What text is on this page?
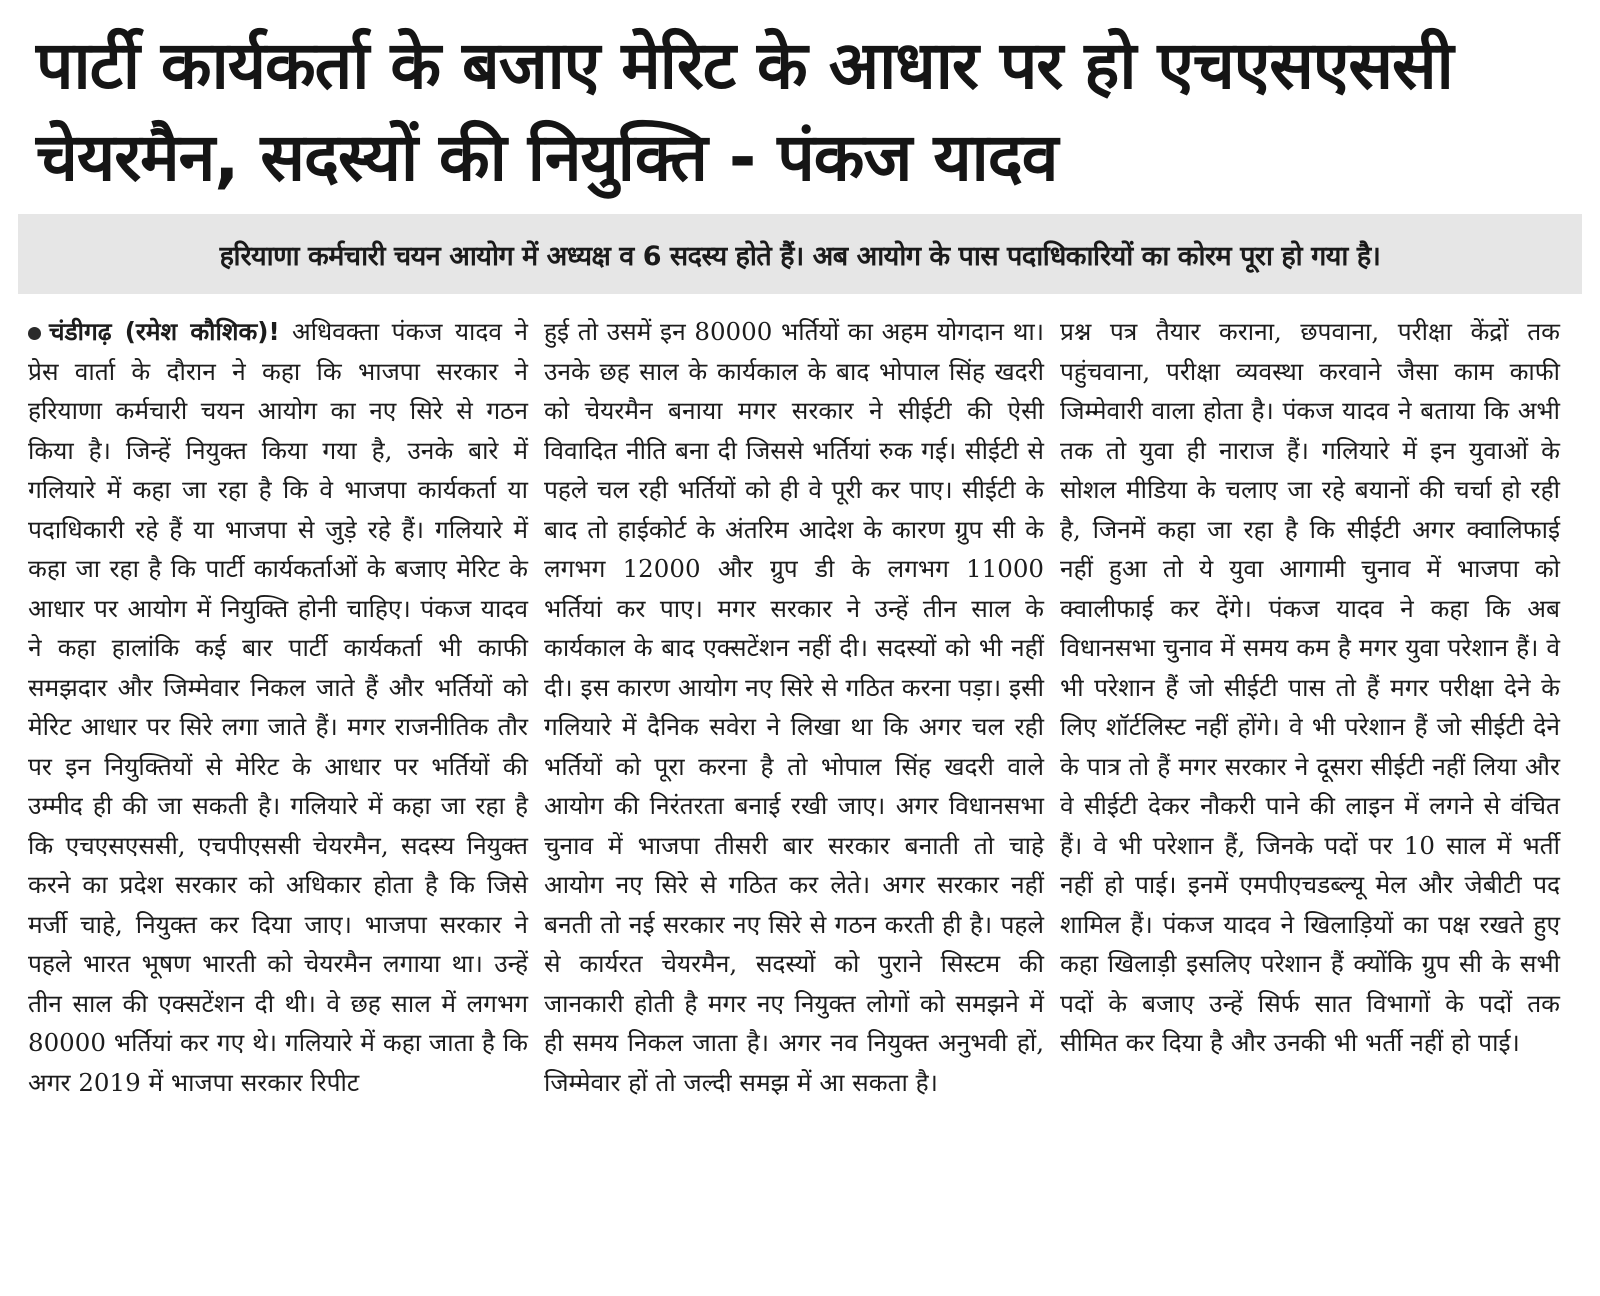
पार्टी कार्यकर्ता के बजाए मेरिट के आधार पर हो एचएसएससी चेयरमैन, सदस्यों की नियुक्ति - पंकज यादव

हरियाणा कर्मचारी चयन आयोग में अध्यक्ष व 6 सदस्य होते हैं। अब आयोग के पास पदाधिकारियों का कोरम पूरा हो गया है।

चंडीगढ़ (रमेश कौशिक)! अधिवक्ता पंकज यादव ने प्रेस वार्ता के दौरान ने कहा कि भाजपा सरकार ने हरियाणा कर्मचारी चयन आयोग का नए सिरे से गठन किया है। जिन्हें नियुक्त किया गया है, उनके बारे में गलियारे में कहा जा रहा है कि वे भाजपा कार्यकर्ता या पदाधिकारी रहे हैं या भाजपा से जुड़े रहे हैं। गलियारे में कहा जा रहा है कि पार्टी कार्यकर्ताओं के बजाए मेरिट के आधार पर आयोग में नियुक्ति होनी चाहिए। पंकज यादव ने कहा हालांकि कई बार पार्टी कार्यकर्ता भी काफी समझदार और जिम्मेवार निकल जाते हैं और भर्तियों को मेरिट आधार पर सिरे लगा जाते हैं। मगर राजनीतिक तौर पर इन नियुक्तियों से मेरिट के आधार पर भर्तियों की उम्मीद ही की जा सकती है। गलियारे में कहा जा रहा है कि एचएसएससी, एचपीएससी चेयरमैन, सदस्य नियुक्त करने का प्रदेश सरकार को अधिकार होता है कि जिसे मर्जी चाहे, नियुक्त कर दिया जाए। भाजपा सरकार ने पहले भारत भूषण भारती को चेयरमैन लगाया था। उन्हें तीन साल की एक्सटेंशन दी थी। वे छह साल में लगभग 80000 भर्तियां कर गए थे। गलियारे में कहा जाता है कि अगर 2019 में भाजपा सरकार रिपीट

हुई तो उसमें इन 80000 भर्तियों का अहम योगदान था। उनके छह साल के कार्यकाल के बाद भोपाल सिंह खदरी को चेयरमैन बनाया मगर सरकार ने सीईटी की ऐसी विवादित नीति बना दी जिससे भर्तियां रुक गई। सीईटी से पहले चल रही भर्तियों को ही वे पूरी कर पाए। सीईटी के बाद तो हाईकोर्ट के अंतरिम आदेश के कारण ग्रुप सी के लगभग 12000 और ग्रुप डी के लगभग 11000 भर्तियां कर पाए। मगर सरकार ने उन्हें तीन साल के कार्यकाल के बाद एक्सटेंशन नहीं दी। सदस्यों को भी नहीं दी। इस कारण आयोग नए सिरे से गठित करना पड़ा। इसी गलियारे में दैनिक सवेरा ने लिखा था कि अगर चल रही भर्तियों को पूरा करना है तो भोपाल सिंह खदरी वाले आयोग की निरंतरता बनाई रखी जाए। अगर विधानसभा चुनाव में भाजपा तीसरी बार सरकार बनाती तो चाहे आयोग नए सिरे से गठित कर लेते। अगर सरकार नहीं बनती तो नई सरकार नए सिरे से गठन करती ही है। पहले से कार्यरत चेयरमैन, सदस्यों को पुराने सिस्टम की जानकारी होती है मगर नए नियुक्त लोगों को समझने में ही समय निकल जाता है। अगर नव नियुक्त अनुभवी हों, जिम्मेवार हों तो जल्दी समझ में आ सकता है।

प्रश्न पत्र तैयार कराना, छपवाना, परीक्षा केंद्रों तक पहुंचवाना, परीक्षा व्यवस्था करवाने जैसा काम काफी जिम्मेवारी वाला होता है। पंकज यादव ने बताया कि अभी तक तो युवा ही नाराज हैं। गलियारे में इन युवाओं के सोशल मीडिया के चलाए जा रहे बयानों की चर्चा हो रही है, जिनमें कहा जा रहा है कि सीईटी अगर क्वालिफाई नहीं हुआ तो ये युवा आगामी चुनाव में भाजपा को क्वालीफाई कर देंगे। पंकज यादव ने कहा कि अब विधानसभा चुनाव में समय कम है मगर युवा परेशान हैं। वे भी परेशान हैं जो सीईटी पास तो हैं मगर परीक्षा देने के लिए शॉर्टलिस्ट नहीं होंगे। वे भी परेशान हैं जो सीईटी देने के पात्र तो हैं मगर सरकार ने दूसरा सीईटी नहीं लिया और वे सीईटी देकर नौकरी पाने की लाइन में लगने से वंचित हैं। वे भी परेशान हैं, जिनके पदों पर 10 साल में भर्ती नहीं हो पाई। इनमें एमपीएचडब्ल्यू मेल और जेबीटी पद शामिल हैं। पंकज यादव ने खिलाड़ियों का पक्ष रखते हुए कहा खिलाड़ी इसलिए परेशान हैं क्योंकि ग्रुप सी के सभी पदों के बजाए उन्हें सिर्फ सात विभागों के पदों तक सीमित कर दिया है और उनकी भी भर्ती नहीं हो पाई।
